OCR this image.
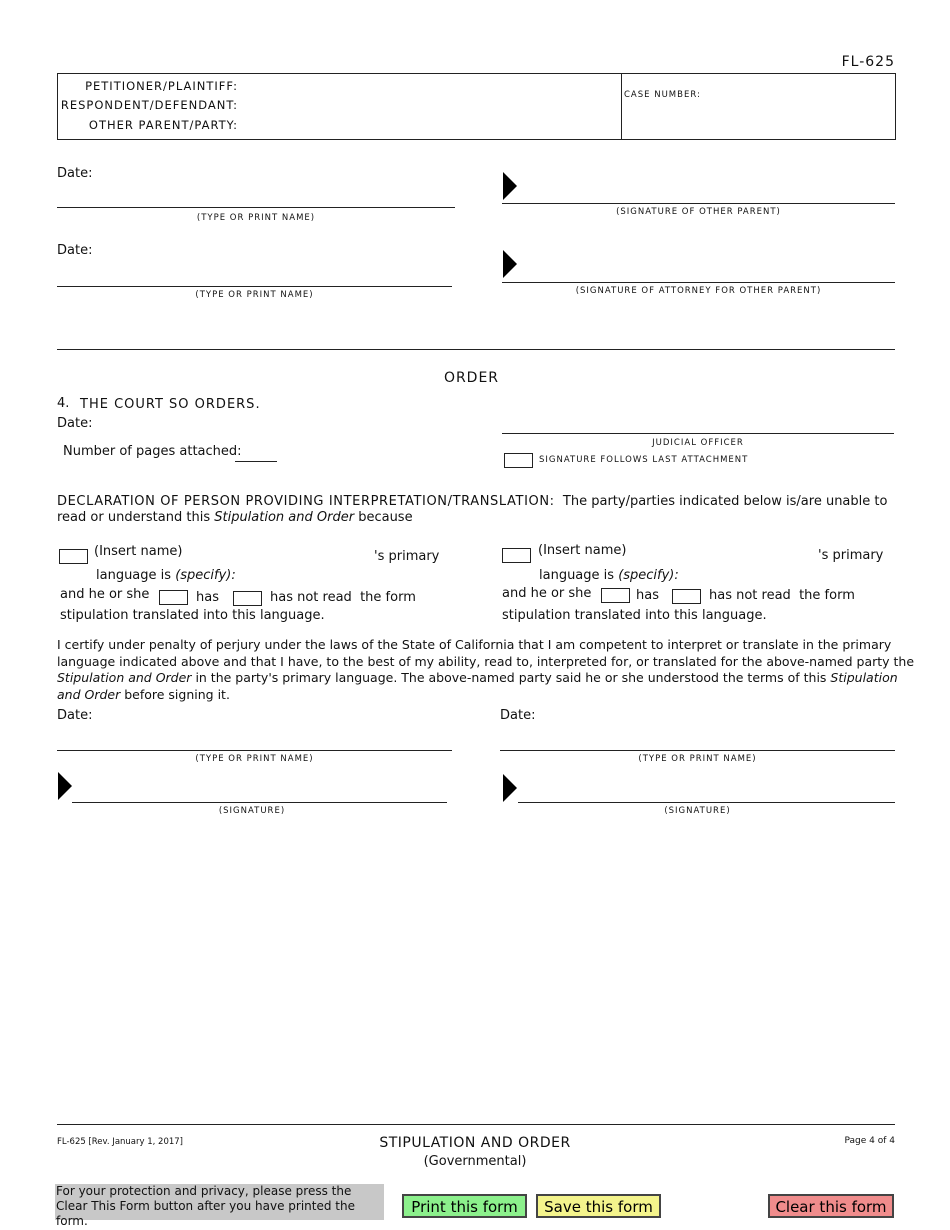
FL-625
PETITIONER/PLAINTIFF:
RESPONDENT/DEFENDANT:
OTHER PARENT/PARTY:
CASE NUMBER:
Date:
(TYPE OR PRINT NAME)
(SIGNATURE OF OTHER PARENT)
Date:
(TYPE OR PRINT NAME)	(SIGNATURE OF ATTORNEY FOR OTHER PARENT)
ORDER
4. THE COURT SO ORDERS.
Date:
Number of pages attached:
JUDICIAL OFFICER
SIGNATURE FOLLOWS LAST ATTACHMENT
DECLARATION OF PERSON PROVIDING INTERPRETATION/TRANSLATION: The party/parties indicated below is/are unable to
read or understand this Stipulation and Order because
(Insert name)	's primary
language is (specify):
and he or she	has	has not read the form
stipulation translated into this language.
(Insert name)	's primary
language is (specify):
and he or she	has	has not read the form
stipulation translated into this language.
I certify under penalty of perjury under the laws of the State of California that I am competent to interpret or translate in the primary
language indicated above and that I have, to the best of my ability, read to, interpreted for, or translated for the above-named party the
Stipulation and Order in the party's primary language. The above-named party said he or she understood the terms of this Stipulation
and Order before signing it.
Date:
(TYPE OR PRINT NAME)
(SIGNATURE)
Date:
(TYPE OR PRINT NAME)
(SIGNATURE)
FL-625 [Rev. January 1, 2017]	STIPULATION AND ORDER
(Governmental)
Page 4 of 4
For your protection and privacy, please press the Clear This Form button after you have printed the form.
Print this form	Save this form	Clear this form
